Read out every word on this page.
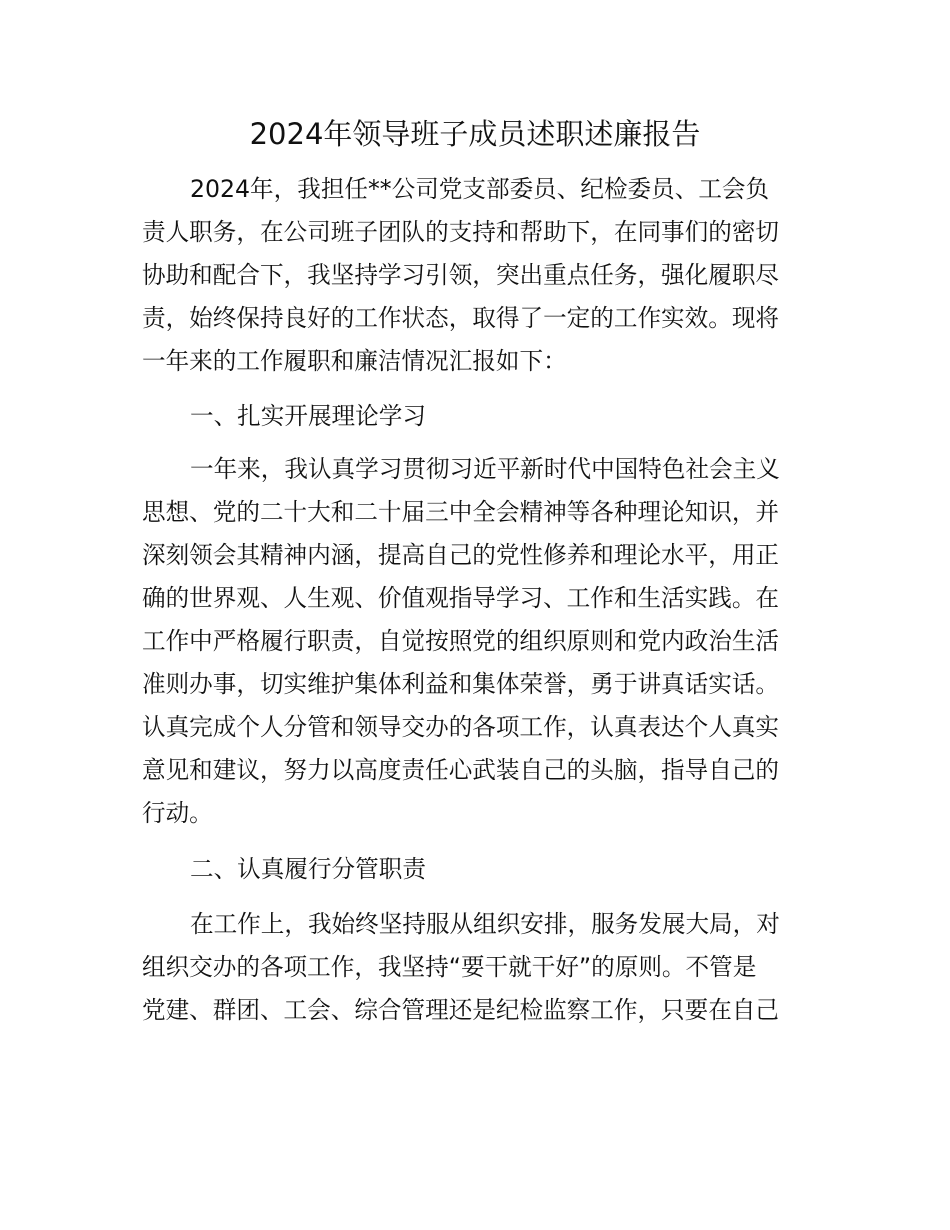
2024年领导班子成员述职述廉报告
2024年，我担任**公司党支部委员、纪检委员、工会负
责人职务，在公司班子团队的支持和帮助下，在同事们的密切
协助和配合下，我坚持学习引领，突出重点任务，强化履职尽
责，始终保持良好的工作状态，取得了一定的工作实效。现将
一年来的工作履职和廉洁情况汇报如下：
一、扎实开展理论学习
一年来，我认真学习贯彻习近平新时代中国特色社会主义
思想、党的二十大和二十届三中全会精神等各种理论知识，并
深刻领会其精神内涵，提高自己的党性修养和理论水平，用正
确的世界观、人生观、价值观指导学习、工作和生活实践。在
工作中严格履行职责，自觉按照党的组织原则和党内政治生活
准则办事，切实维护集体利益和集体荣誉，勇于讲真话实话。
认真完成个人分管和领导交办的各项工作，认真表达个人真实
意见和建议，努力以高度责任心武装自己的头脑，指导自己的
行动。
二、认真履行分管职责
在工作上，我始终坚持服从组织安排，服务发展大局，对
组织交办的各项工作，我坚持“要干就干好”的原则。不管是
党建、群团、工会、综合管理还是纪检监察工作，只要在自己
